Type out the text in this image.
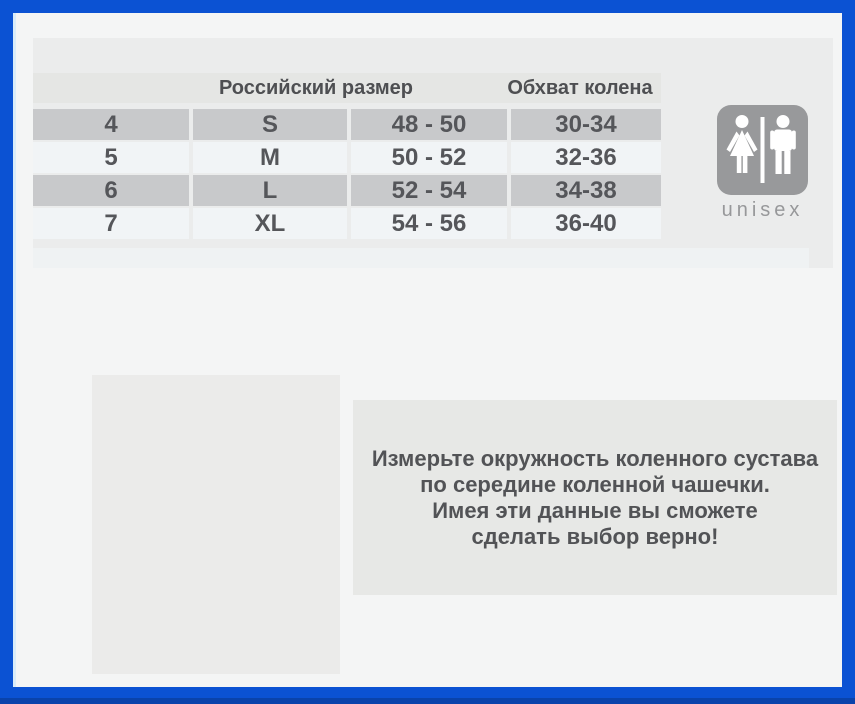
Российский размер	Обхват колена
4	S	48 - 50	30-34
5	M	50 - 52	32-36
6	L	52 - 54	34-38
7	XL	54 - 56	36-40	unisex
Измерьте окружность коленного сустава
по середине коленной чашечки.
Имея эти данные вы сможете
сделать выбор верно!
